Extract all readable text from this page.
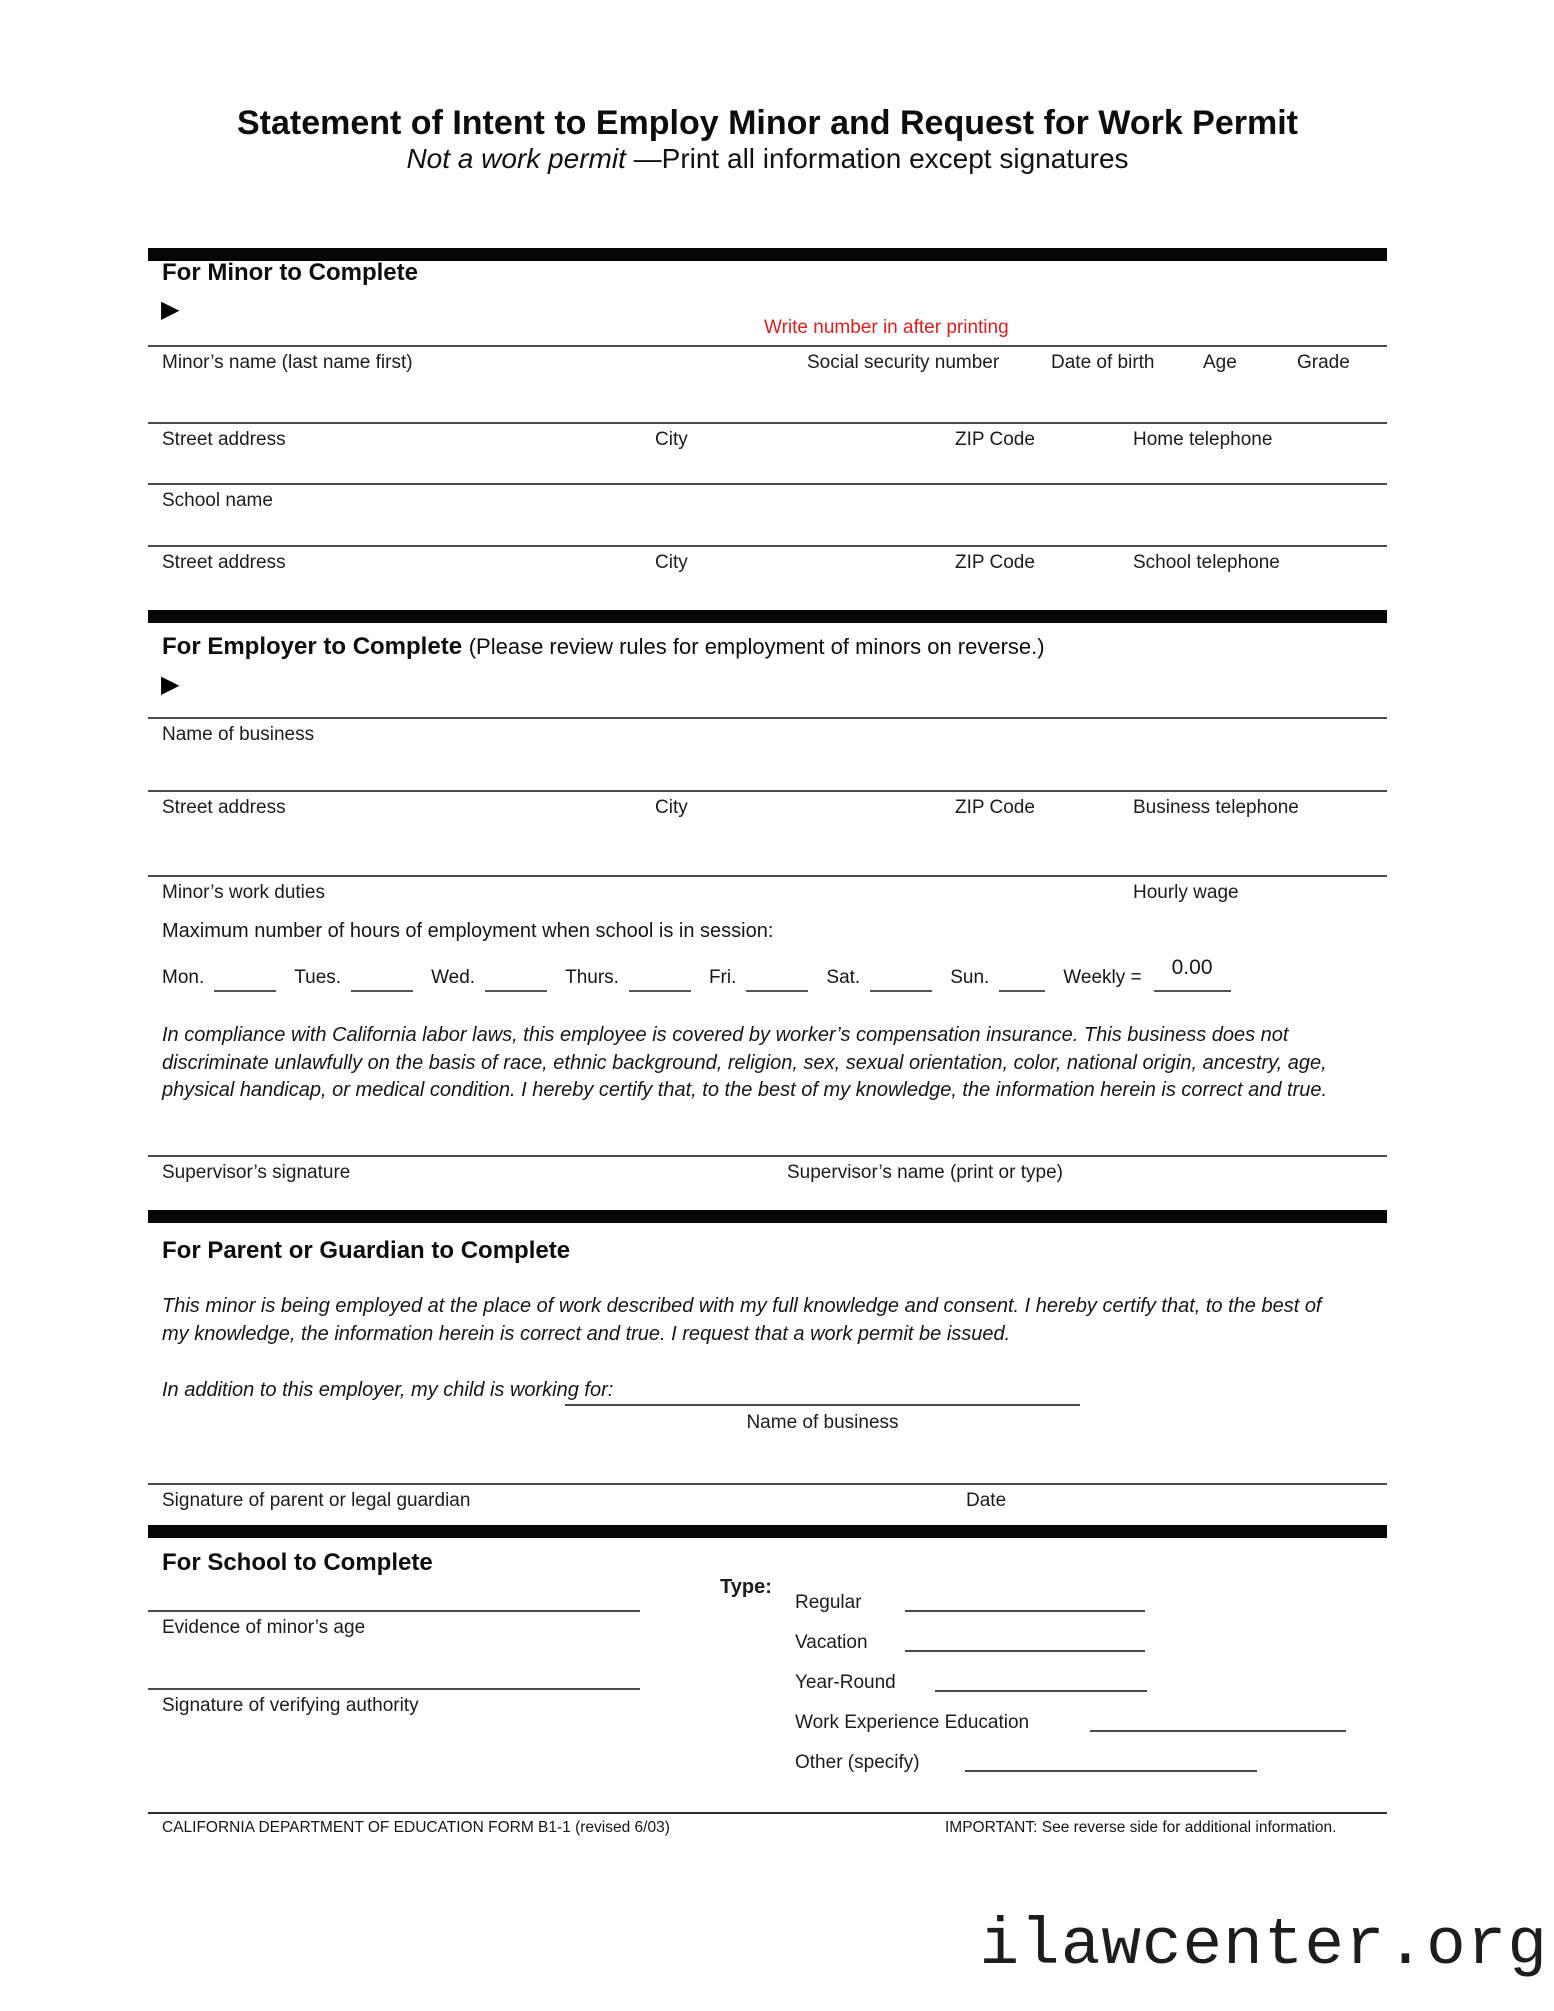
Statement of Intent to Employ Minor and Request for Work Permit
Not a work permit —Print all information except signatures
For Minor to Complete
▶
Write number in after printing
Minor’s name (last name first)	Social security number	Date of birth	Age	Grade
Street address	City	ZIP Code	Home telephone
School name
Street address	City	ZIP Code	School telephone
For Employer to Complete (Please review rules for employment of minors on reverse.)
▶
Name of business
Street address	City	ZIP Code	Business telephone
Minor’s work duties	Hourly wage
Maximum number of hours of employment when school is in session:
Mon.	Tues.	Wed.	Thurs.	Fri.	Sat.	Sun.	Weekly =	0.00
In compliance with California labor laws, this employee is covered by worker’s compensation insurance. This business does not discriminate unlawfully on the basis of race, ethnic background, religion, sex, sexual orientation, color, national origin, ancestry, age, physical handicap, or medical condition. I hereby certify that, to the best of my knowledge, the information herein is correct and true.
Supervisor’s signature	Supervisor’s name (print or type)
For Parent or Guardian to Complete
This minor is being employed at the place of work described with my full knowledge and consent. I hereby certify that, to the best of my knowledge, the information herein is correct and true. I request that a work permit be issued.
In addition to this employer, my child is working for:
Name of business
Signature of parent or legal guardian	Date
For School to Complete
Type:
Regular
Vacation
Year-Round
Work Experience Education
Other (specify)
Evidence of minor’s age
Signature of verifying authority
CALIFORNIA DEPARTMENT OF EDUCATION FORM B1-1 (revised 6/03)	IMPORTANT: See reverse side for additional information.
ilawcenter.org
